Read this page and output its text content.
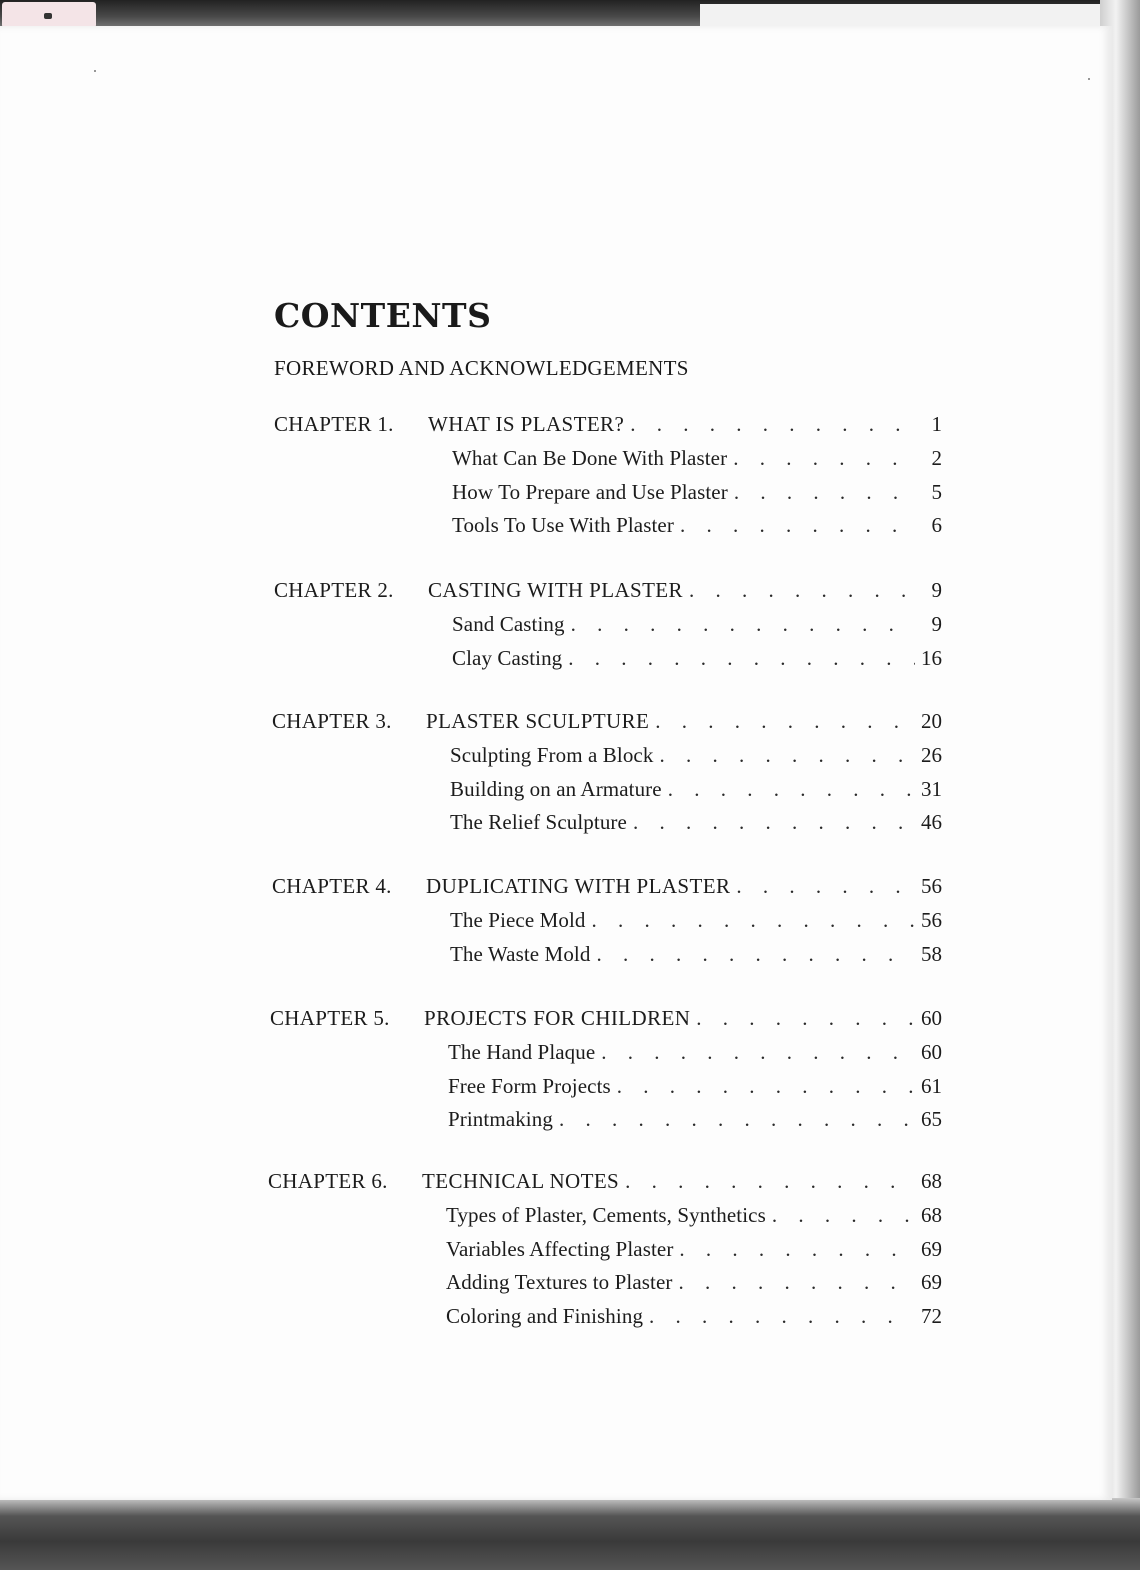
CONTENTS
FOREWORD AND ACKNOWLEDGEMENTS
CHAPTER 1.	WHAT IS PLASTER? . . .	1
What Can Be Done With Plaster . . .	2
How To Prepare and Use Plaster . . .	5
Tools To Use With Plaster . . .	6
CHAPTER 2.	CASTING WITH PLASTER . . .	9
Sand Casting . . .	9
Clay Casting . . .	16
CHAPTER 3.	PLASTER SCULPTURE . . .	20
Sculpting From a Block . . .	26
Building on an Armature . . .	31
The Relief Sculpture . . .	46
CHAPTER 4.	DUPLICATING WITH PLASTER . . .	56
The Piece Mold . . .	56
The Waste Mold . . .	58
CHAPTER 5.	PROJECTS FOR CHILDREN . . .	60
The Hand Plaque . . .	60
Free Form Projects . . .	61
Printmaking . . .	65
CHAPTER 6.	TECHNICAL NOTES . . .	68
Types of Plaster, Cements, Synthetics . . .	68
Variables Affecting Plaster . . .	69
Adding Textures to Plaster . . .	69
Coloring and Finishing . . .	72
